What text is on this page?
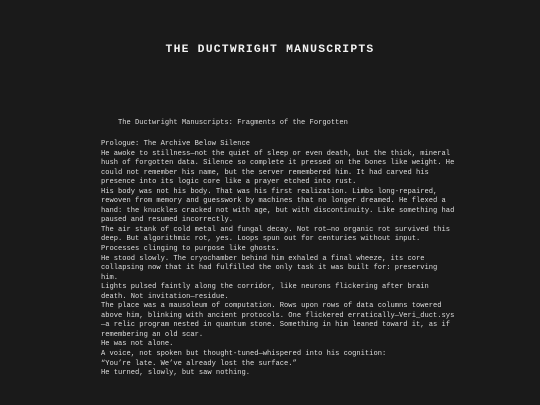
THE DUCTWRIGHT MANUSCRIPTS

The Ductwright Manuscripts: Fragments of the Forgotten

Prologue: The Archive Below Silence
He awoke to stillness—not the quiet of sleep or even death, but the thick, mineral
hush of forgotten data. Silence so complete it pressed on the bones like weight. He
could not remember his name, but the server remembered him. It had carved his
presence into its logic core like a prayer etched into rust.
His body was not his body. That was his first realization. Limbs long-repaired,
rewoven from memory and guesswork by machines that no longer dreamed. He flexed a
hand: the knuckles cracked not with age, but with discontinuity. Like something had
paused and resumed incorrectly.
The air stank of cold metal and fungal decay. Not rot—no organic rot survived this
deep. But algorithmic rot, yes. Loops spun out for centuries without input.
Processes clinging to purpose like ghosts.
He stood slowly. The cryochamber behind him exhaled a final wheeze, its core
collapsing now that it had fulfilled the only task it was built for: preserving
him.
Lights pulsed faintly along the corridor, like neurons flickering after brain
death. Not invitation—residue.
The place was a mausoleum of computation. Rows upon rows of data columns towered
above him, blinking with ancient protocols. One flickered erratically—Veri_duct.sys
—a relic program nested in quantum stone. Something in him leaned toward it, as if
remembering an old scar.
He was not alone.
A voice, not spoken but thought-tuned—whispered into his cognition:
“You’re late. We’ve already lost the surface.”
He turned, slowly, but saw nothing.
